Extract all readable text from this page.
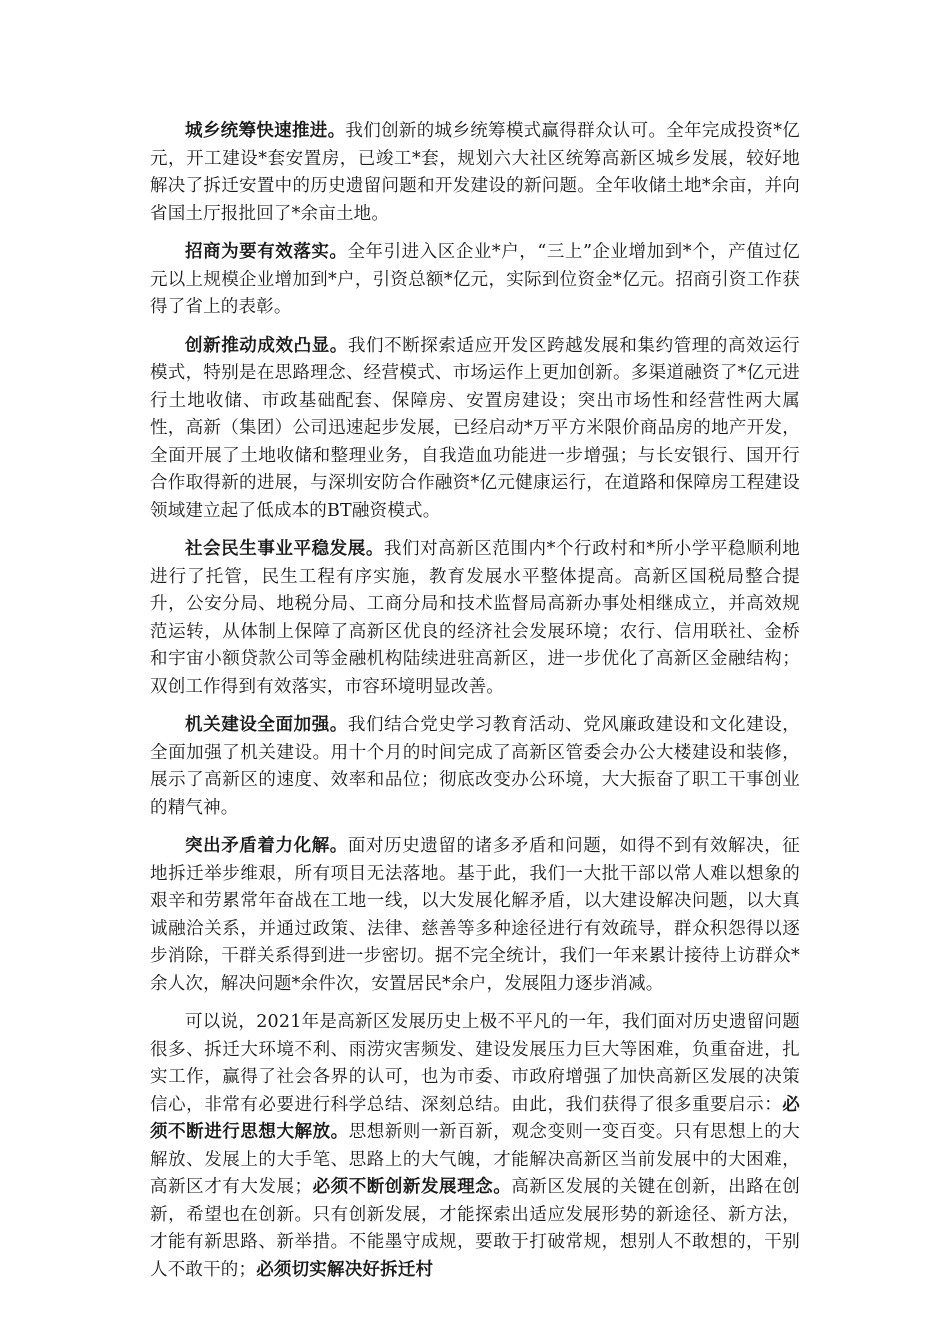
城乡统筹快速推进。我们创新的城乡统筹模式赢得群众认可。全年完成投资*亿元，开工建设*套安置房，已竣工*套，规划六大社区统筹高新区城乡发展，较好地解决了拆迁安置中的历史遗留问题和开发建设的新问题。全年收储土地*余亩，并向省国土厅报批回了*余亩土地。

招商为要有效落实。全年引进入区企业*户，“三上”企业增加到*个，产值过亿元以上规模企业增加到*户，引资总额*亿元，实际到位资金*亿元。招商引资工作获得了省上的表彰。

创新推动成效凸显。我们不断探索适应开发区跨越发展和集约管理的高效运行模式，特别是在思路理念、经营模式、市场运作上更加创新。多渠道融资了*亿元进行土地收储、市政基础配套、保障房、安置房建设；突出市场性和经营性两大属性，高新（集团）公司迅速起步发展，已经启动*万平方米限价商品房的地产开发，全面开展了土地收储和整理业务，自我造血功能进一步增强；与长安银行、国开行合作取得新的进展，与深圳安防合作融资*亿元健康运行，在道路和保障房工程建设领域建立起了低成本的BT融资模式。

社会民生事业平稳发展。我们对高新区范围内*个行政村和*所小学平稳顺利地进行了托管，民生工程有序实施，教育发展水平整体提高。高新区国税局整合提升，公安分局、地税分局、工商分局和技术监督局高新办事处相继成立，并高效规范运转，从体制上保障了高新区优良的经济社会发展环境；农行、信用联社、金桥和宇宙小额贷款公司等金融机构陆续进驻高新区，进一步优化了高新区金融结构；双创工作得到有效落实，市容环境明显改善。

机关建设全面加强。我们结合党史学习教育活动、党风廉政建设和文化建设，全面加强了机关建设。用十个月的时间完成了高新区管委会办公大楼建设和装修，展示了高新区的速度、效率和品位；彻底改变办公环境，大大振奋了职工干事创业的精气神。

突出矛盾着力化解。面对历史遗留的诸多矛盾和问题，如得不到有效解决，征地拆迁举步维艰，所有项目无法落地。基于此，我们一大批干部以常人难以想象的艰辛和劳累常年奋战在工地一线，以大发展化解矛盾，以大建设解决问题，以大真诚融洽关系，并通过政策、法律、慈善等多种途径进行有效疏导，群众积怨得以逐步消除，干群关系得到进一步密切。据不完全统计，我们一年来累计接待上访群众*余人次，解决问题*余件次，安置居民*余户，发展阻力逐步消减。

可以说，2021年是高新区发展历史上极不平凡的一年，我们面对历史遗留问题很多、拆迁大环境不利、雨涝灾害频发、建设发展压力巨大等困难，负重奋进，扎实工作，赢得了社会各界的认可，也为市委、市政府增强了加快高新区发展的决策信心，非常有必要进行科学总结、深刻总结。由此，我们获得了很多重要启示：必须不断进行思想大解放。思想新则一新百新，观念变则一变百变。只有思想上的大解放、发展上的大手笔、思路上的大气魄，才能解决高新区当前发展中的大困难，高新区才有大发展；必须不断创新发展理念。高新区发展的关键在创新，出路在创新，希望也在创新。只有创新发展，才能探索出适应发展形势的新途径、新方法，才能有新思路、新举措。不能墨守成规，要敢于打破常规，想别人不敢想的，干别人不敢干的；必须切实解决好拆迁村
